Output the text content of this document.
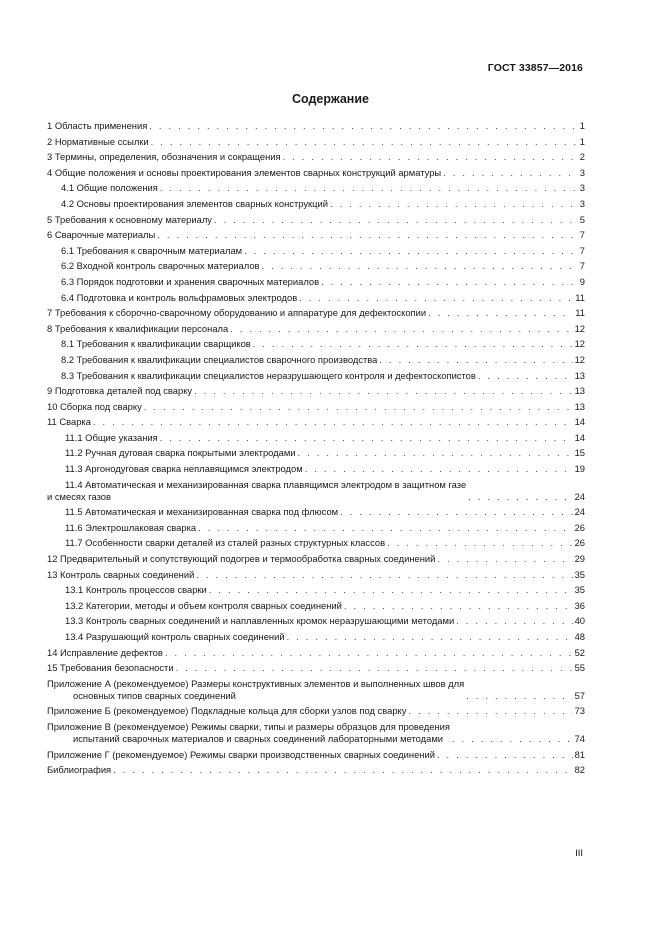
ГОСТ 33857—2016
Содержание
1 Область применения . . .	1
2 Нормативные ссылки . . .	1
3 Термины, определения, обозначения и сокращения . . .	2
4 Общие положения и основы проектирования элементов сварных конструкций арматуры . . .	3
4.1 Общие положения . . .	3
4.2 Основы проектирования элементов сварных конструкций . . .	3
5 Требования к основному материалу . . .	5
6 Сварочные материалы . . .	7
6.1 Требования к сварочным материалам . . .	7
6.2 Входной контроль сварочных материалов . . .	7
6.3 Порядок подготовки и хранения сварочных материалов . . .	9
6.4 Подготовка и контроль вольфрамовых электродов . . .	11
7 Требования к сборочно-сварочному оборудованию и аппаратуре для дефектоскопии . . .	11
8 Требования к квалификации персонала . . .	12
8.1 Требования к квалификации сварщиков . . .	12
8.2 Требования к квалификации специалистов сварочного производства . . .	12
8.3 Требования к квалификации специалистов неразрушающего контроля и дефектоскопистов . . .	13
9 Подготовка деталей под сварку . . .	13
10 Сборка под сварку . . .	13
11 Сварка . . .	14
11.1 Общие указания . . .	14
11.2 Ручная дуговая сварка покрытыми электродами . . .	15
11.3 Аргонодуговая сварка неплавящимся электродом . . .	19
11.4 Автоматическая и механизированная сварка плавящимся электродом в защитном газе
и смесях газов . . .	24
11.5 Автоматическая и механизированная сварка под флюсом . . .	24
11.6 Электрошлаковая сварка . . .	26
11.7 Особенности сварки деталей из сталей разных структурных классов . . .	26
12 Предварительный и сопутствующий подогрев и термообработка сварных соединений . . .	29
13 Контроль сварных соединений . . .	35
13.1 Контроль процессов сварки . . .	35
13.2 Категории, методы и объем контроля сварных соединений . . .	36
13.3 Контроль сварных соединений и наплавленных кромок неразрушающими методами . . .	40
13.4 Разрушающий контроль сварных соединений . . .	48
14 Исправление дефектов . . .	52
15 Требования безопасности . . .	55
Приложение А (рекомендуемое) Размеры конструктивных элементов и выполненных швов для
основных типов сварных соединений . . .	57
Приложение Б (рекомендуемое) Подкладные кольца для сборки узлов под сварку . . .	73
Приложение В (рекомендуемое) Режимы сварки, типы и размеры образцов для проведения
испытаний сварочных материалов и сварных соединений лабораторными методами . . .	74
Приложение Г (рекомендуемое) Режимы сварки производственных сварных соединений . . .	81
Библиография . . .	82
III
